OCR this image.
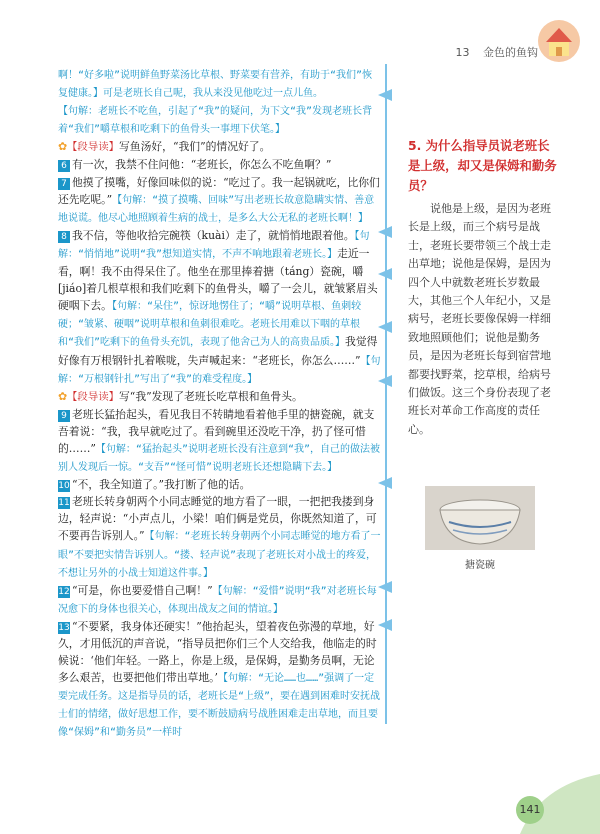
13 金色的鱼钩

啊！“好多啦”说明鲜鱼野菜汤比草根、野菜要有营养，有助于“我们”恢复健康。】可是老班长自己呢，我从来没见他吃过一点儿鱼。

【句解：老班长不吃鱼，引起了“我”的疑问，为下文“我”发现老班长背着“我们”嚼草根和吃剩下的鱼骨头一事埋下伏笔。】

✿【段导读】写鱼汤好，“我们”的情况好了。

6 有一次，我禁不住问他：“老班长，你怎么不吃鱼啊？”

7 他摸了摸嘴，好像回味似的说：“吃过了。我一起锅就吃，比你们还先吃呢。”【句解：“摸了摸嘴、回味”写出老班长故意隐瞒实情、善意地说谎。他尽心地照顾着生病的战士，是多么大公无私的老班长啊！】

8 我不信，等他收拾完碗筷（kuài）走了，就悄悄地跟着他。【句解：“悄悄地”说明“我”想知道实情，不声不响地跟着老班长。】走近一看，啊！我不由得呆住了。他坐在那里捧着搪（táng）瓷碗，嚼[jiáo]着几根草根和我们吃剩下的鱼骨头，嚼了一会儿，就皱紧眉头硬咽下去。【句解：“呆住”，惊讶地愣住了；“嚼”说明草根、鱼刺较硬；“皱紧、硬咽”说明草根和鱼刺很难吃。老班长用难以下咽的草根和“我们”吃剩下的鱼骨头充饥，表现了他舍己为人的高贵品质。】我觉得好像有万根钢针扎着喉咙，失声喊起来：“老班长，你怎么……”【句解：“万根钢针扎”写出了“我”的难受程度。】

✿【段导读】写“我”发现了老班长吃草根和鱼骨头。

9 老班长猛抬起头，看见我目不转睛地看着他手里的搪瓷碗，就支吾着说：“我，我早就吃过了。看到碗里还没吃干净，扔了怪可惜的……”【句解：“猛抬起头”说明老班长没有注意到“我”，自己的做法被别人发现后一惊。“支吾”“怪可惜”说明老班长还想隐瞒下去。】

10 “不，我全知道了。”我打断了他的话。

11 老班长转身朝两个小同志睡觉的地方看了一眼，一把把我搂到身边，轻声说：“小声点儿，小梁！咱们俩是党员，你既然知道了，可不要再告诉别人。”【句解：“老班长转身朝两个小同志睡觉的地方看了一眼”不要把实情告诉别人。“搂、轻声说”表现了老班长对小战士的疼爱，不想让另外的小战士知道这件事。】

12 “可是，你也要爱惜自己啊！”【句解：“爱惜”说明“我”对老班长每况愈下的身体也很关心，体现出战友之间的情谊。】

13 “不要紧，我身体还硬实！”他抬起头，望着夜色弥漫的草地，好久，才用低沉的声音说，“指导员把你们三个人交给我，他临走的时候说：‘他们年轻。一路上，你是上级，是保姆，是勤务员啊，无论多么艰苦，也要把他们带出草地。’【句解：“无论……也……”强调了一定要完成任务。这是指导员的话，老班长是“上级”，要在遇到困难时安抚战士们的情绪，做好思想工作，要不断鼓励病号战胜困难走出草地，而且要像“保姆”和“勤务员”一样时

5. 为什么指导员说老班长是上级，却又是保姆和勤务员？

说他是上级，是因为老班长是上级，而三个病号是战士，老班长要带领三个战士走出草地；说他是保姆，是因为四个人中就数老班长岁数最大，其他三个人年纪小，又是病号，老班长要像保姆一样细致地照顾他们；说他是勤务员，是因为老班长每到宿营地都要找野菜，挖草根，给病号们做饭。这三个身份表现了老班长对革命工作高度的责任心。

搪瓷碗
141
